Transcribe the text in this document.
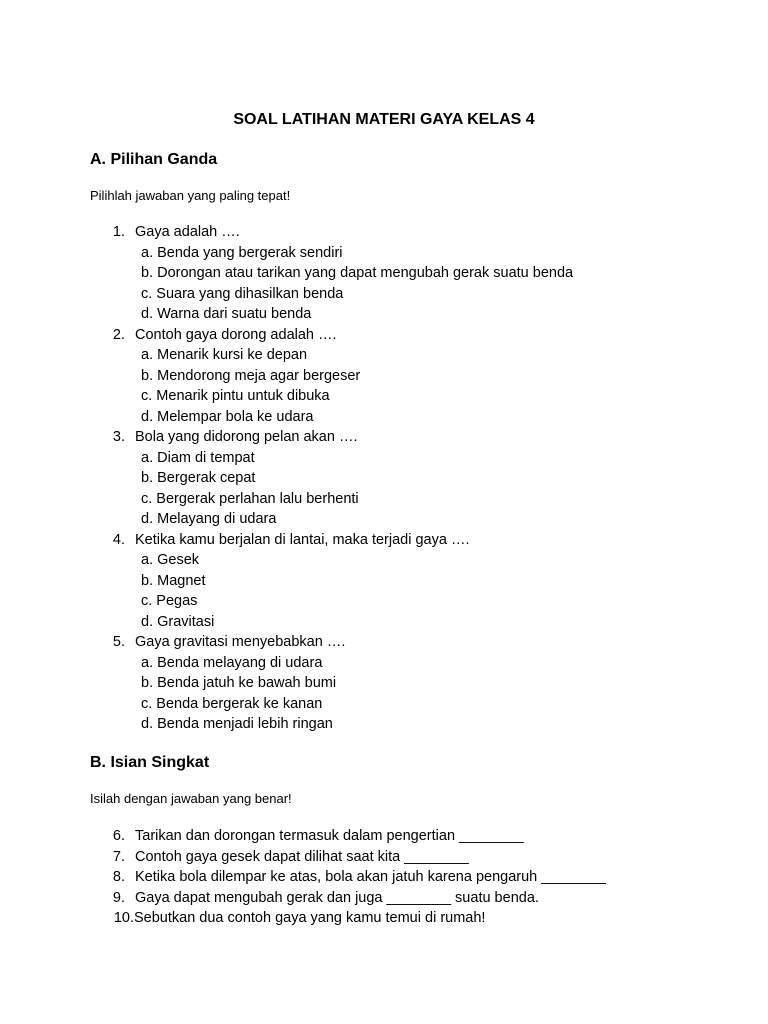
SOAL LATIHAN MATERI GAYA KELAS 4
A. Pilihan Ganda

Pilihlah jawaban yang paling tepat!

1. Gaya adalah ….
a. Benda yang bergerak sendiri
b. Dorongan atau tarikan yang dapat mengubah gerak suatu benda
c. Suara yang dihasilkan benda
d. Warna dari suatu benda
2. Contoh gaya dorong adalah ….
a. Menarik kursi ke depan
b. Mendorong meja agar bergeser
c. Menarik pintu untuk dibuka
d. Melempar bola ke udara
3. Bola yang didorong pelan akan ….
a. Diam di tempat
b. Bergerak cepat
c. Bergerak perlahan lalu berhenti
d. Melayang di udara
4. Ketika kamu berjalan di lantai, maka terjadi gaya ….
a. Gesek
b. Magnet
c. Pegas
d. Gravitasi
5. Gaya gravitasi menyebabkan ….
a. Benda melayang di udara
b. Benda jatuh ke bawah bumi
c. Benda bergerak ke kanan
d. Benda menjadi lebih ringan
B. Isian Singkat

Isilah dengan jawaban yang benar!

6. Tarikan dan dorongan termasuk dalam pengertian ________
7. Contoh gaya gesek dapat dilihat saat kita ________
8. Ketika bola dilempar ke atas, bola akan jatuh karena pengaruh ________
9. Gaya dapat mengubah gerak dan juga ________ suatu benda.
10. Sebutkan dua contoh gaya yang kamu temui di rumah!
